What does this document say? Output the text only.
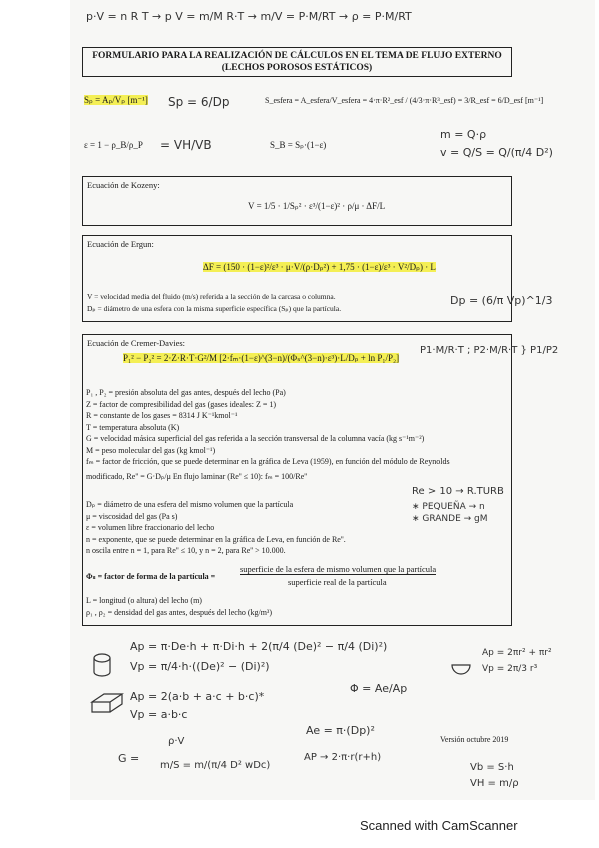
p·V = n R T → p V = m/M R·T → m/V = P·M/RT → ρ = P·M/RT
FORMULARIO PARA LA REALIZACIÓN DE CÁLCULOS EN EL TEMA DE FLUJO EXTERNO
(LECHOS POROSOS ESTÁTICOS)
Sₚ = Aₚ/Vₚ [m⁻¹] Sp = 6/Dp	S_esfera = A_esfera/V_esfera = 4·π·R²_esf / (4/3·π·R³_esf) = 3/R_esf = 6/D_esf [m⁻¹]
ε = 1 − ρ_B/ρ_P = VH/VB	S_B = Sₚ·(1−ε)
m = Q·ρ
v = Q/S = Q/(π/4 D²)
Ecuación de Kozeny:
V = 1/5 · 1/Sₚ² · ε³/(1−ε)² · ρ/μ · ΔF/L
Ecuación de Ergun:
ΔF = (150 · (1−ε)²/ε³ · μ·V/(ρ·Dₚ²) + 1,75 · (1−ε)/ε³ · V²/Dₚ) · L
V = velocidad media del fluido (m/s) referida a la sección de la carcasa o columna.
Dₚ = diámetro de una esfera con la misma superficie específica (Sₚ) que la partícula.
Dp = (6/π Vp)^1/3
Ecuación de Cremer-Davies:
P₁² − P₂² = 2·Z·R·T·G²/M [2·fₘ·(1−ε)^(3−n)/(Φₛ^(3−n)·ε³)·L/Dₚ + ln P₁/P₂]
P1·M/R·T ; P2·M/R·T } P1/P2
P₁ , P₂ = presión absoluta del gas antes, después del lecho (Pa)
Z = factor de compresibilidad del gas (gases ideales: Z = 1)
R = constante de los gases = 8314 J K⁻¹kmol⁻¹
T = temperatura absoluta (K)
G = velocidad másica superficial del gas referida a la sección transversal de la columna vacía (kg s⁻¹m⁻²)
M = peso molecular del gas (kg kmol⁻¹)
fₘ = factor de fricción, que se puede determinar en la gráfica de Leva (1959), en función del módulo de Reynolds
modificado, Re'' = G·Dₚ/μ En flujo laminar (Re'' ≤ 10): fₘ = 100/Re''
Re > 10 → R.TURB
∗ PEQUEÑA → n
∗ GRANDE → gM
Dₚ = diámetro de una esfera del mismo volumen que la partícula
μ = viscosidad del gas (Pa s)
ε = volumen libre fraccionario del lecho
n = exponente, que se puede determinar en la gráfica de Leva, en función de Re''.
n oscila entre n = 1, para Re'' ≤ 10, y n = 2, para Re'' > 10.000.
Φₛ = factor de forma de la partícula =
superficie de la esfera de mismo volumen que la partícula
superficie real de la partícula
L = longitud (o altura) del lecho (m)
ρ₁ , ρ₂ = densidad del gas antes, después del lecho (kg/m³)
Ap = π·De·h + π·Di·h + 2(π/4 (De)² − π/4 (Di)²)
Vp = π/4·h·((De)² − (Di)²)
Φ = Ae/Ap
Ap = 2πr² + πr²
Vp = 2π/3 r³
Ap = 2(a·b + a·c + b·c)*
Vp = a·b·c
Ae = π·(Dp)²
ρ·V
G =
m/S = m/(π/4 D² wDc)
AP → 2·π·r(r+h)
Versión octubre 2019
Vb = S·h
VH = m/ρ
Scanned with CamScanner
